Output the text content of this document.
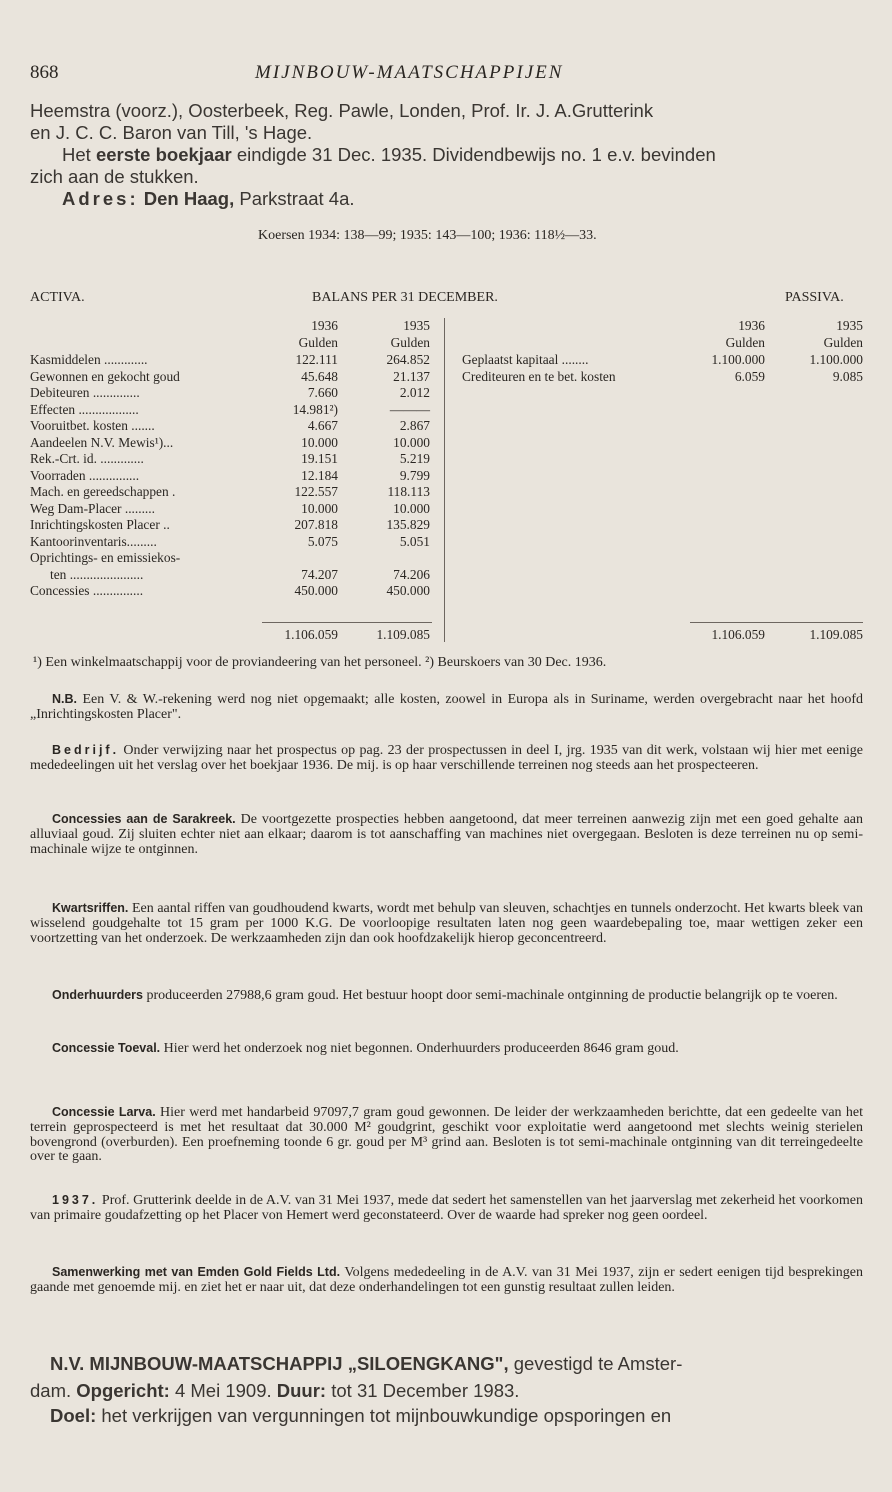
868	MIJNBOUW-MAATSCHAPPIJEN
Heemstra (voorz.), Oosterbeek, Reg. Pawle, Londen, Prof. Ir. J. A.Grutterink
en J. C. C. Baron van Till, 's Hage.
Het eerste boekjaar eindigde 31 Dec. 1935. Dividendbewijs no. 1 e.v. bevinden
zich aan de stukken.
Adres: Den Haag, Parkstraat 4a.
Koersen 1934: 138—99; 1935: 143—100; 1936: 118½—33.
ACTIVA.	BALANS PER 31 DECEMBER.	PASSIVA.
1936	1935
Gulden	Gulden
1936	1935
Gulden	Gulden
Kasmiddelen .............	122.111	264.852
Gewonnen en gekocht goud	45.648	21.137
Debiteuren ..............	7.660	2.012
Effecten ..................	14.981²)	———
Vooruitbet. kosten .......	4.667	2.867
Aandeelen N.V. Mewis¹)...	10.000	10.000
Rek.-Crt. id. .............	19.151	5.219
Voorraden ...............	12.184	9.799
Mach. en gereedschappen .	122.557	118.113
Weg Dam-Placer .........	10.000	10.000
Inrichtingskosten Placer ..	207.818	135.829
Kantoorinventaris.........	5.075	5.051
Oprichtings- en emissiekos-
ten ......................	74.207	74.206
Concessies ...............	450.000	450.000
Geplaatst kapitaal ........	1.100.000	1.100.000
Crediteuren en te bet. kosten	6.059	9.085
1.106.059	1.109.085	1.106.059	1.109.085
¹) Een winkelmaatschappij voor de proviandeering van het personeel. ²) Beurskoers van 30 Dec. 1936.
N.B. Een V. & W.-rekening werd nog niet opgemaakt; alle kosten, zoowel in Europa als in Suriname, werden overgebracht naar het hoofd „Inrichtingskosten Placer".
Bedrijf. Onder verwijzing naar het prospectus op pag. 23 der prospectussen in deel I, jrg. 1935 van dit werk, volstaan wij hier met eenige mededeelingen uit het verslag over het boekjaar 1936. De mij. is op haar verschillende terreinen nog steeds aan het prospecteeren.
Concessies aan de Sarakreek. De voortgezette prospecties hebben aangetoond, dat meer terreinen aanwezig zijn met een goed gehalte aan alluviaal goud. Zij sluiten echter niet aan elkaar; daarom is tot aanschaffing van machines niet overgegaan. Besloten is deze terreinen nu op semi-machinale wijze te ontginnen.
Kwartsriffen. Een aantal riffen van goudhoudend kwarts, wordt met behulp van sleuven, schachtjes en tunnels onderzocht. Het kwarts bleek van wisselend goudgehalte tot 15 gram per 1000 K.G. De voorloopige resultaten laten nog geen waardebepaling toe, maar wettigen zeker een voortzetting van het onderzoek. De werkzaamheden zijn dan ook hoofdzakelijk hierop geconcentreerd.
Onderhuurders produceerden 27988,6 gram goud. Het bestuur hoopt door semi-machinale ontginning de productie belangrijk op te voeren.
Concessie Toeval. Hier werd het onderzoek nog niet begonnen. Onderhuurders produceerden 8646 gram goud.
Concessie Larva. Hier werd met handarbeid 97097,7 gram goud gewonnen. De leider der werkzaamheden berichtte, dat een gedeelte van het terrein geprospecteerd is met het resultaat dat 30.000 M² goudgrint, geschikt voor exploitatie werd aangetoond met slechts weinig sterielen bovengrond (overburden). Een proefneming toonde 6 gr. goud per M³ grind aan. Besloten is tot semi-machinale ontginning van dit terreingedeelte over te gaan.
1937. Prof. Grutterink deelde in de A.V. van 31 Mei 1937, mede dat sedert het samenstellen van het jaarverslag met zekerheid het voorkomen van primaire goudafzetting op het Placer von Hemert werd geconstateerd. Over de waarde had spreker nog geen oordeel.
Samenwerking met van Emden Gold Fields Ltd. Volgens mededeeling in de A.V. van 31 Mei 1937, zijn er sedert eenigen tijd besprekingen gaande met genoemde mij. en ziet het er naar uit, dat deze onderhandelingen tot een gunstig resultaat zullen leiden.
N.V. MIJNBOUW-MAATSCHAPPIJ „SILOENGKANG", gevestigd te Amster-
dam. Opgericht: 4 Mei 1909. Duur: tot 31 December 1983.
Doel: het verkrijgen van vergunningen tot mijnbouwkundige opsporingen en
